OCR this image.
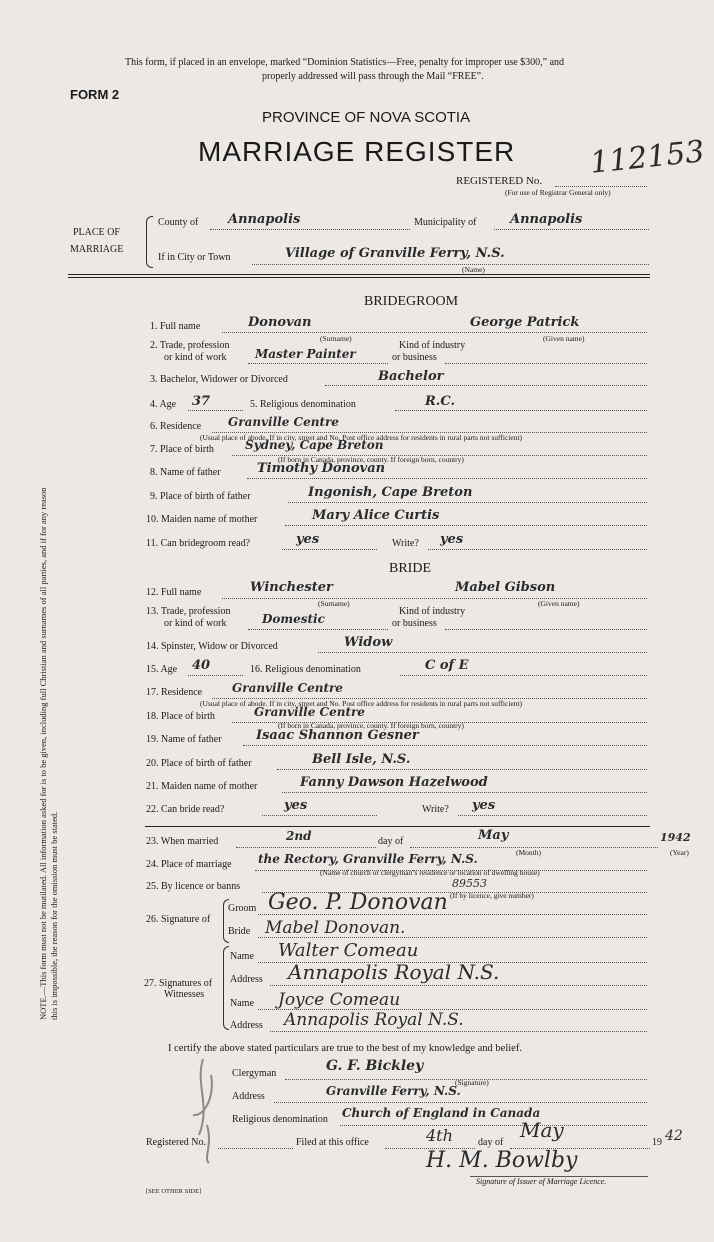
This form, if placed in an envelope, marked “Dominion Statistics—Free, penalty for improper use $300,” and
properly addressed will pass through the Mail “FREE”.
FORM 2
PROVINCE OF NOVA SCOTIA
MARRIAGE REGISTER 112153
REGISTERED No.
(For use of Registrar General only)
PLACE OF
MARRIAGE
County of Annapolis	Municipality of	Annapolis
If in City or Town	Village of Granville Ferry, N.S.
(Name)
BRIDEGROOM
1. Full name	Donovan	George Patrick
(Surname)	(Given name)
2. Trade, profession
or kind of work Master Painter
Kind of industry
or business
3. Bachelor, Widower or Divorced	Bachelor
4. Age 37	5. Religious denomination	R.C.
6. Residence Granville Centre
(Usual place of abode. If in city, street and No. Post office address for residents in rural parts not sufficient)
7. Place of birth	Sydney, Cape Breton
(If born in Canada, province, county. If foreign born, country)
8. Name of father	Timothy Donovan
9. Place of birth of father	Ingonish, Cape Breton
10. Maiden name of mother	Mary Alice Curtis
11. Can bridegroom read?	yes	Write? yes
BRIDE
12. Full name	Winchester	Mabel Gibson
(Surname)	(Given name)
13. Trade, profession
or kind of work	Domestic
Kind of industry
or business
14. Spinster, Widow or Divorced	Widow
15. Age 40	16. Religious denomination	C of E
17. Residence Granville Centre
(Usual place of abode. If in city, street and No. Post office address for residents in rural parts not sufficient)
18. Place of birth	Granville Centre
(If born in Canada, province, county. If foreign born, country)
19. Name of father	Isaac Shannon Gesner
20. Place of birth of father	Bell Isle, N.S.
21. Maiden name of mother	Fanny Dawson Hazelwood
22. Can bride read?	yes	Write? yes
23. When married	2nd	day of	May
(Month)
1942
(Year)
24. Place of marriage the Rectory, Granville Ferry, N.S.
(Name of church or clergyman’s residence or location of dwelling house)
25. By licence or banns	89553
(If by licence, give number)
26. Signature of
Groom Geo. P. Donovan
Bride Mabel Donovan.
27. Signatures of
Witnesses
Name Walter Comeau
Address Annapolis Royal N.S.
Name Joyce Comeau
Address Annapolis Royal N.S.
I certify the above stated particulars are true to the best of my knowledge and belief.
Clergyman	G. F. Bickley
(Signature)
Address	Granville Ferry, N.S.
Religious denomination Church of England in Canada
Registered No.	Filed at this office	4th	day of
May
19 42
H. M. Bowlby
Signature of Issuer of Marriage Licence.
[SEE OTHER SIDE]
NOTE.—This form must not be mutilated. All information asked for is to be given, including full Christian and surnames of all parties, and if for any reason this is impossible, the reason for the omission must be stated.
